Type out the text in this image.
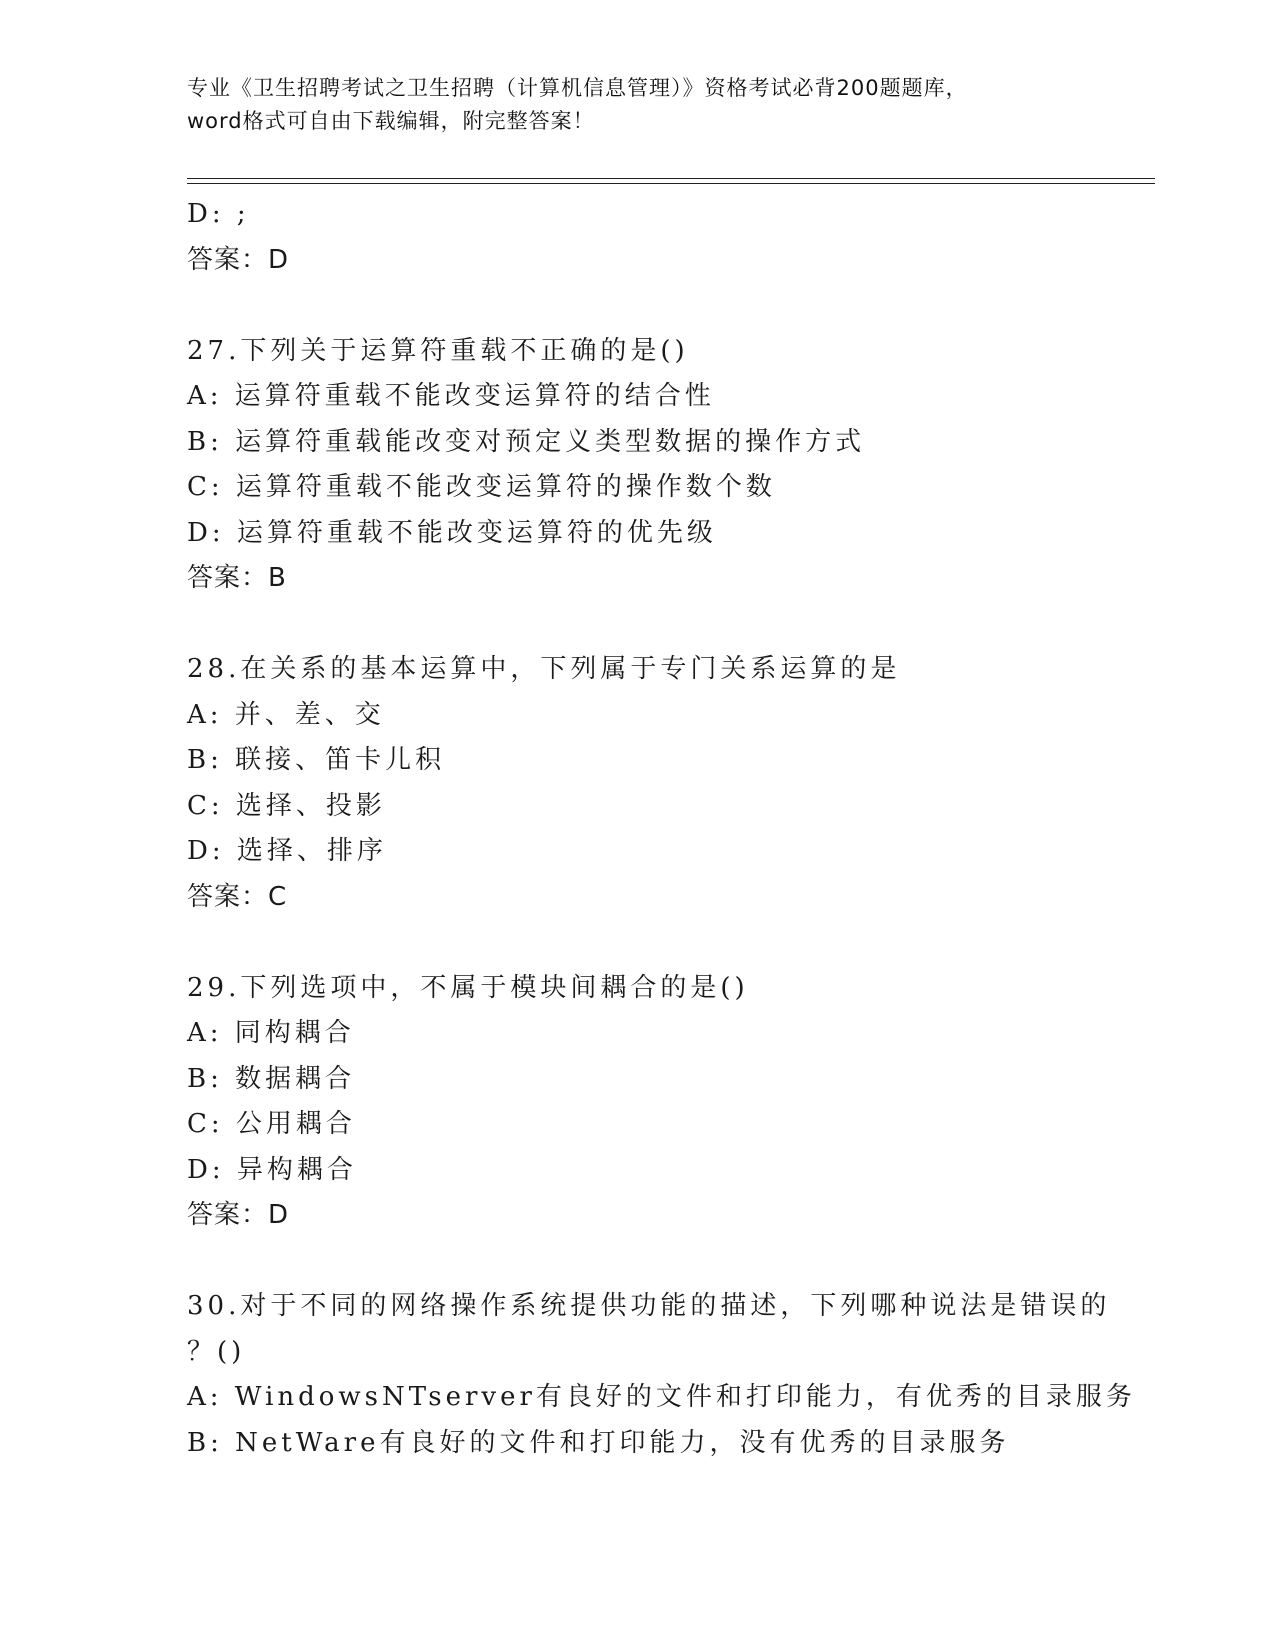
专业《卫生招聘考试之卫生招聘（计算机信息管理）》资格考试必背200题题库，
word格式可自由下载编辑，附完整答案！
D: ;
答案：D
27.下列关于运算符重载不正确的是()
A: 运算符重载不能改变运算符的结合性
B: 运算符重载能改变对预定义类型数据的操作方式
C: 运算符重载不能改变运算符的操作数个数
D: 运算符重载不能改变运算符的优先级
答案：B
28.在关系的基本运算中，下列属于专门关系运算的是
A: 并、差、交
B: 联接、笛卡儿积
C: 选择、投影
D: 选择、排序
答案：C
29.下列选项中，不属于模块间耦合的是()
A: 同构耦合
B: 数据耦合
C: 公用耦合
D: 异构耦合
答案：D
30.对于不同的网络操作系统提供功能的描述，下列哪种说法是错误的
？()
A: WindowsNTserver有良好的文件和打印能力，有优秀的目录服务
B: NetWare有良好的文件和打印能力，没有优秀的目录服务
